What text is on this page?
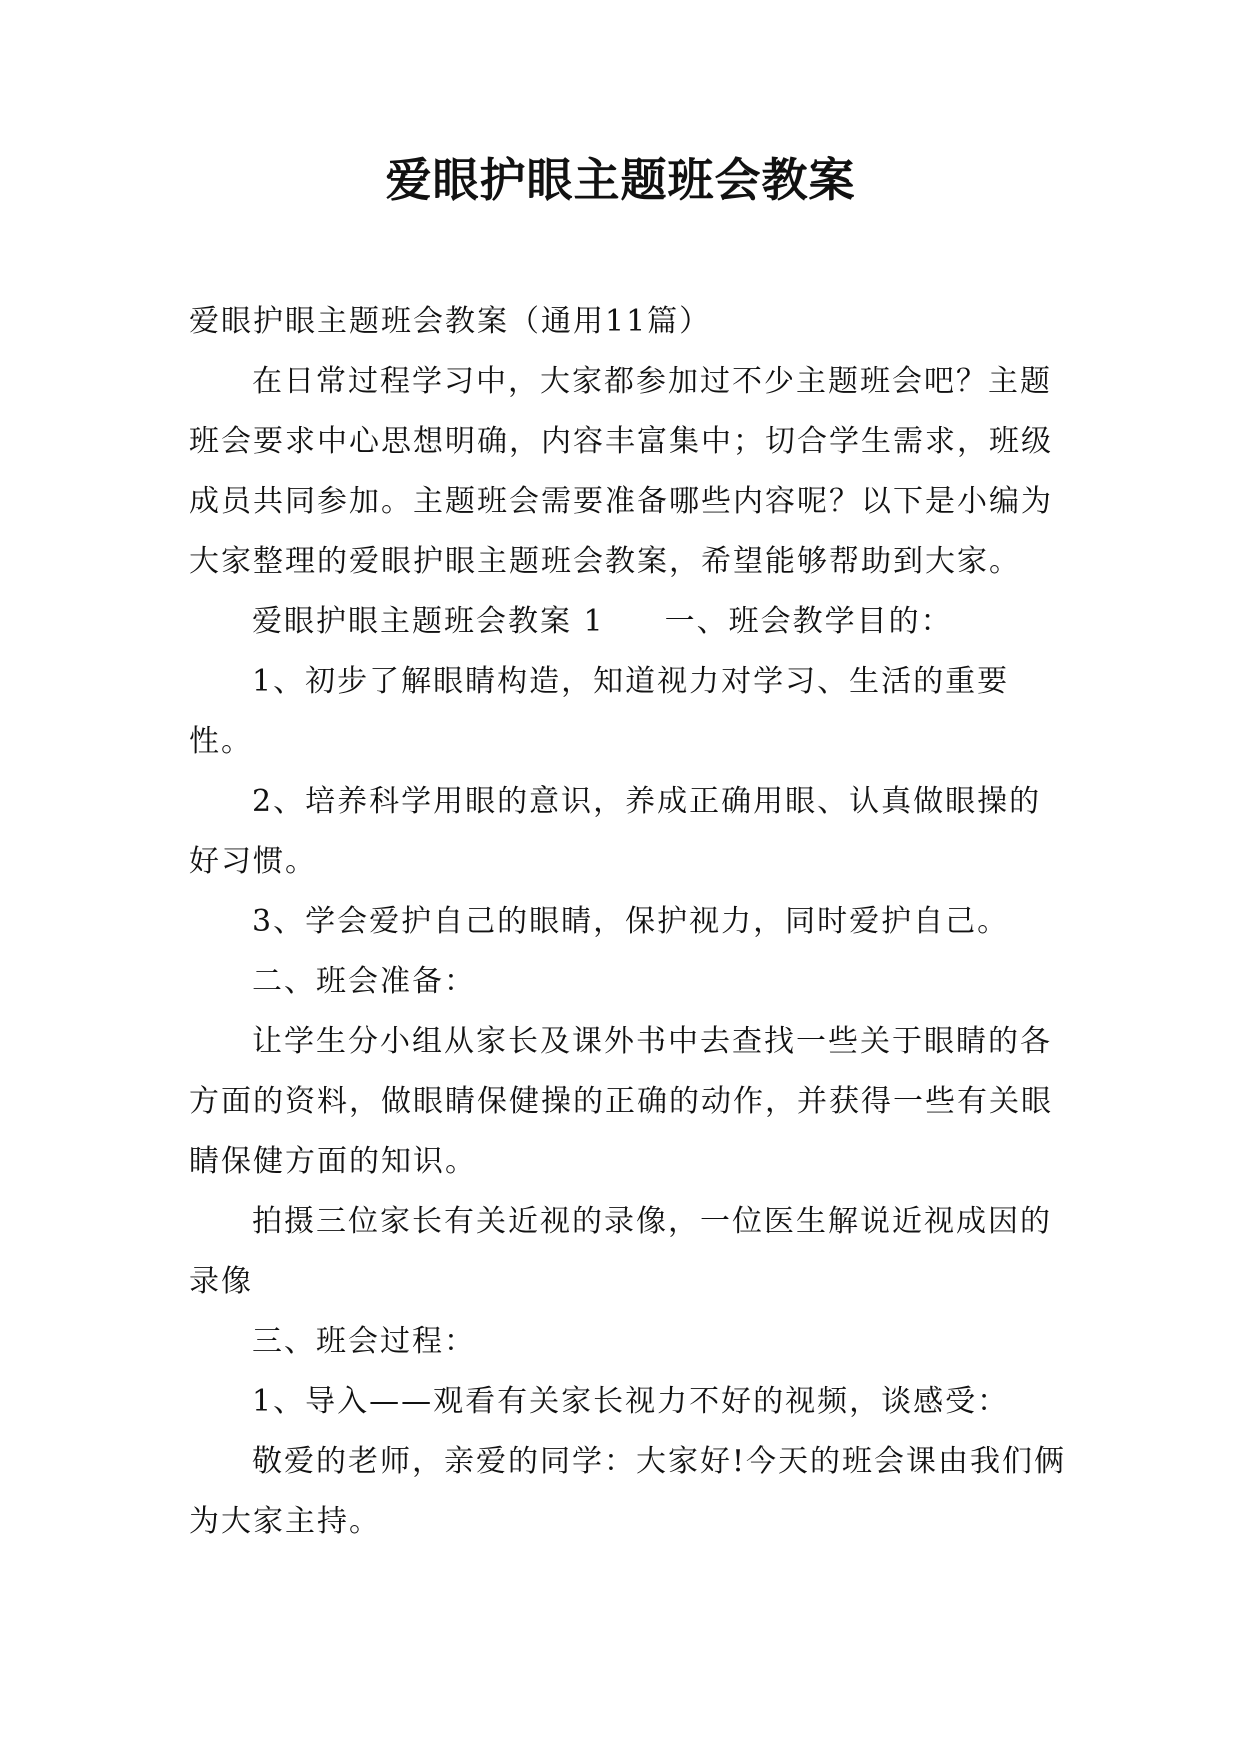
爱眼护眼主题班会教案

爱眼护眼主题班会教案（通用11篇）

在日常过程学习中，大家都参加过不少主题班会吧？主题班会要求中心思想明确，内容丰富集中；切合学生需求，班级成员共同参加。主题班会需要准备哪些内容呢？以下是小编为大家整理的爱眼护眼主题班会教案，希望能够帮助到大家。

爱眼护眼主题班会教案 1 一、班会教学目的：

1、初步了解眼睛构造，知道视力对学习、生活的重要性。

2、培养科学用眼的意识，养成正确用眼、认真做眼操的好习惯。

3、学会爱护自己的眼睛，保护视力，同时爱护自己。

二、班会准备：

让学生分小组从家长及课外书中去查找一些关于眼睛的各方面的资料，做眼睛保健操的正确的动作，并获得一些有关眼睛保健方面的知识。

拍摄三位家长有关近视的录像，一位医生解说近视成因的录像

三、班会过程：

1、导入——观看有关家长视力不好的视频，谈感受：

敬爱的老师，亲爱的同学：大家好!今天的班会课由我们俩为大家主持。
